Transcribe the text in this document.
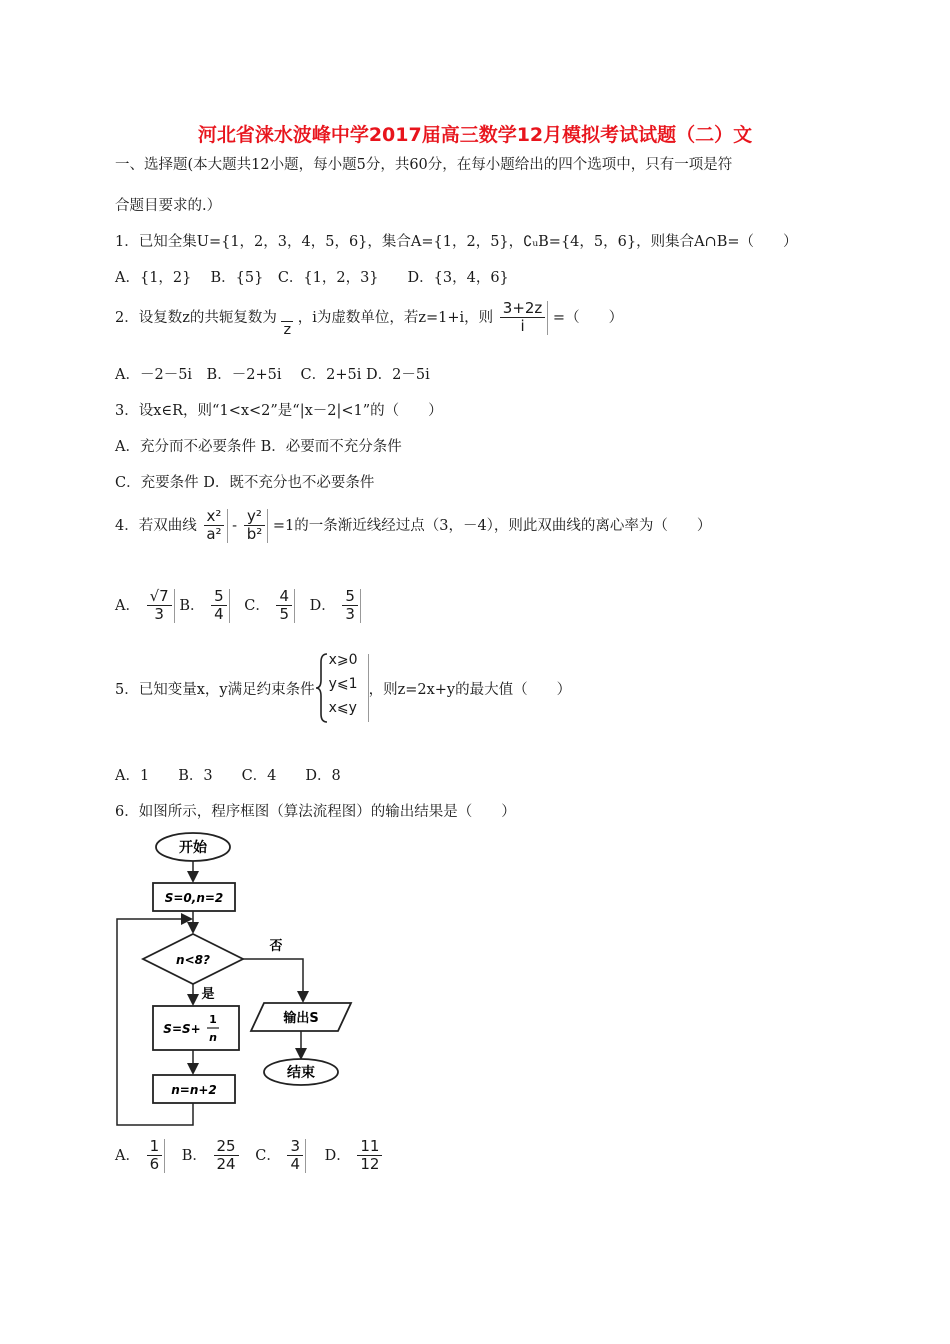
河北省涞水波峰中学2017届高三数学12月模拟考试试题（二）文
一、选择题(本大题共12小题，每小题5分，共60分，在每小题给出的四个选项中，只有一项是符
合题目要求的.）
1．已知全集U={1，2，3，4，5，6}，集合A={1，2，5}，∁ᵤB={4，5，6}，则集合A∩B=（　　）
A．{1，2}　 B．{5}　C．{1，2，3}　　D．{3，4，6}
2．设复数z的共轭复数为 z ，i为虚数单位，若z=1+i，则 $\frac{3+2z}{i}$ =（　　）
A．－2－5i　B．－2+5i　 C．2+5i D．2－5i
3．设x∈R，则“1<x<2”是“|x－2|<1”的（　　）
A．充分而不必要条件 B．必要而不充分条件
C．充要条件 D．既不充分也不必要条件
4．若双曲线 $\frac{\text{x²}}{\text{a²}} - \frac{\text{y²}}{\text{b²}} =1$的一条渐近线经过点（3，－4），则此双曲线的离心率为（　　）
A． $\frac{√7}{3}$ B． $\frac{5}{4}$ C． $\frac{4}{5}$ D． $\frac{5}{3}$
5．已知变量x，y满足约束条件
x⩾0
y⩽1
x⩽y
，则z=2x+y的最大值（　　）
A．1　　B．3　　C．4　　D．8
6．如图所示，程序框图（算法流程图）的输出结果是（　　）
开始
S=0,n=2
n<8?
否
是
S=S+
1
n
n=n+2
输出S
结束
A． $\frac{1}{6}$ B． $\frac{25}{24}$ C． $\frac{3}{4}$ D． $\frac{11}{12}$
